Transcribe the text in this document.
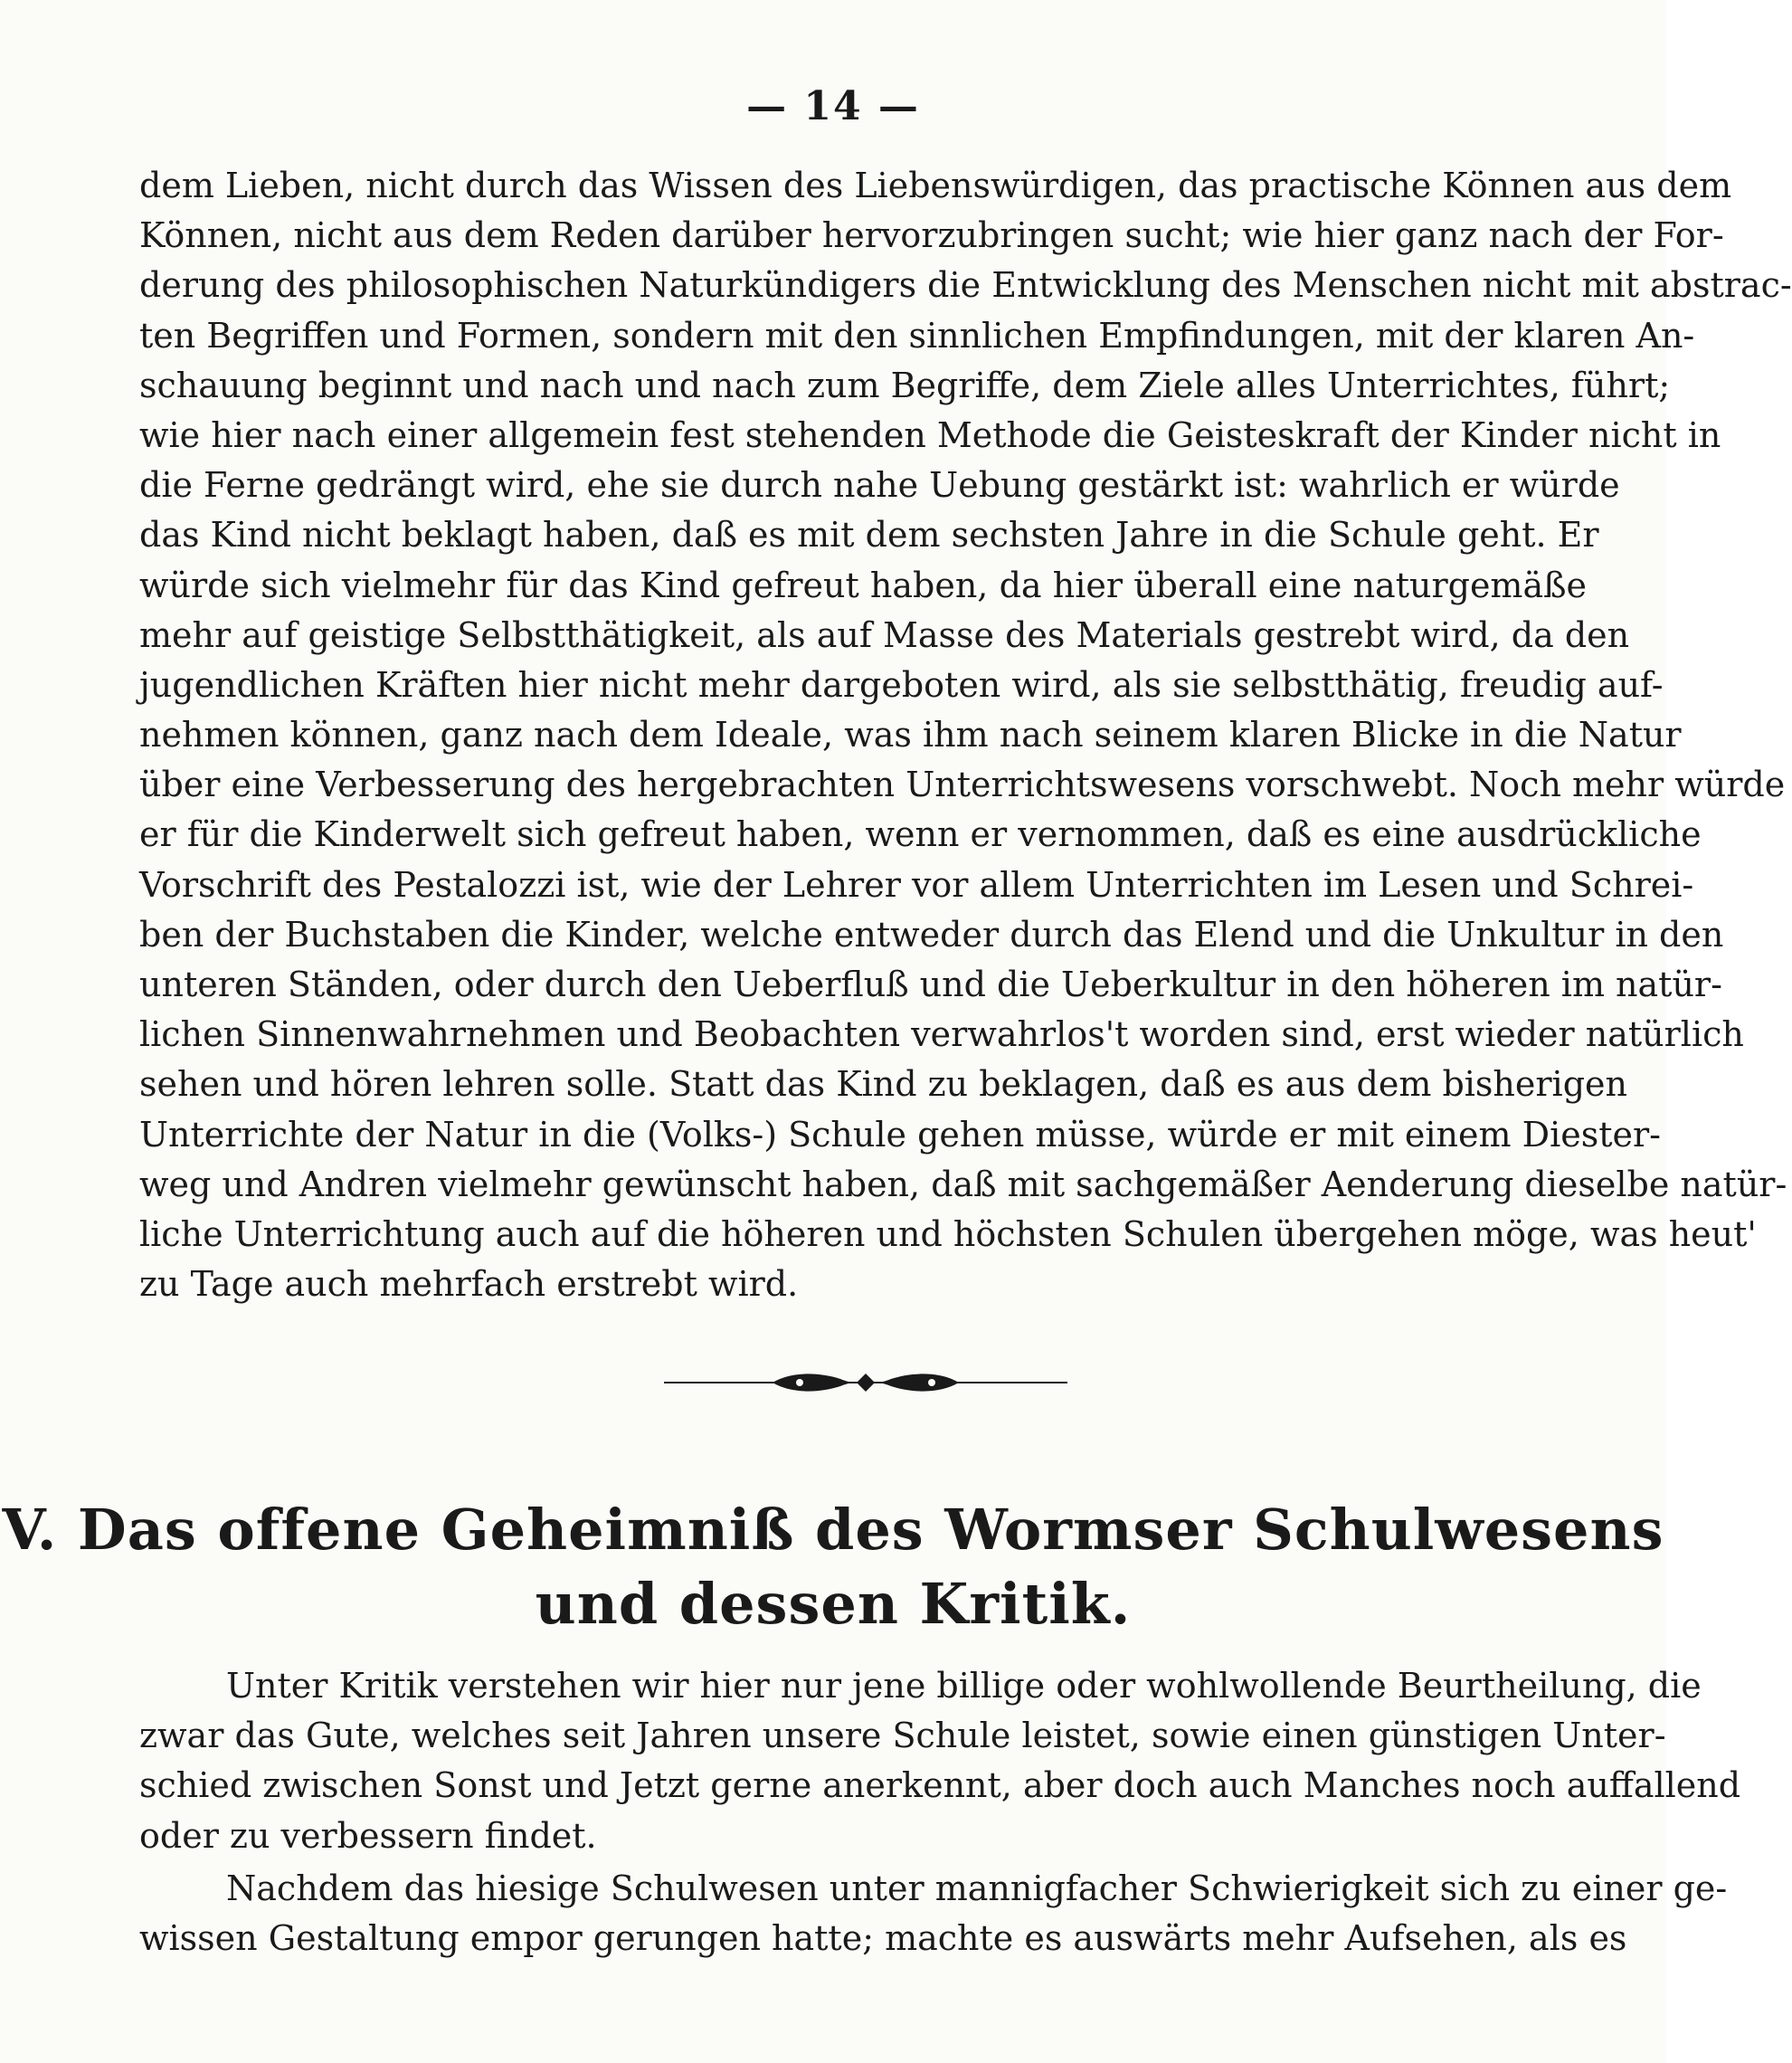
— 14 —
dem Lieben, nicht durch das Wissen des Liebenswürdigen, das practische Können aus dem
Können, nicht aus dem Reden darüber hervorzubringen sucht; wie hier ganz nach der For-
derung des philosophischen Naturkündigers die Entwicklung des Menschen nicht mit abstrac-
ten Begriffen und Formen, sondern mit den sinnlichen Empfindungen, mit der klaren An-
schauung beginnt und nach und nach zum Begriffe, dem Ziele alles Unterrichtes, führt;
wie hier nach einer allgemein fest stehenden Methode die Geisteskraft der Kinder nicht in
die Ferne gedrängt wird, ehe sie durch nahe Uebung gestärkt ist: wahrlich er würde
das Kind nicht beklagt haben, daß es mit dem sechsten Jahre in die Schule geht. Er
würde sich vielmehr für das Kind gefreut haben, da hier überall eine naturgemäße
mehr auf geistige Selbstthätigkeit, als auf Masse des Materials gestrebt wird, da den
jugendlichen Kräften hier nicht mehr dargeboten wird, als sie selbstthätig, freudig auf-
nehmen können, ganz nach dem Ideale, was ihm nach seinem klaren Blicke in die Natur
über eine Verbesserung des hergebrachten Unterrichtswesens vorschwebt. Noch mehr würde
er für die Kinderwelt sich gefreut haben, wenn er vernommen, daß es eine ausdrückliche
Vorschrift des Pestalozzi ist, wie der Lehrer vor allem Unterrichten im Lesen und Schrei-
ben der Buchstaben die Kinder, welche entweder durch das Elend und die Unkultur in den
unteren Ständen, oder durch den Ueberfluß und die Ueberkultur in den höheren im natür-
lichen Sinnenwahrnehmen und Beobachten verwahrlos't worden sind, erst wieder natürlich
sehen und hören lehren solle. Statt das Kind zu beklagen, daß es aus dem bisherigen
Unterrichte der Natur in die (Volks-) Schule gehen müsse, würde er mit einem Diester-
weg und Andren vielmehr gewünscht haben, daß mit sachgemäßer Aenderung dieselbe natür-
liche Unterrichtung auch auf die höheren und höchsten Schulen übergehen möge, was heut'
zu Tage auch mehrfach erstrebt wird.
V. Das offene Geheimniß des Wormser Schulwesens
und dessen Kritik.
Unter Kritik verstehen wir hier nur jene billige oder wohlwollende Beurtheilung, die
zwar das Gute, welches seit Jahren unsere Schule leistet, sowie einen günstigen Unter-
schied zwischen Sonst und Jetzt gerne anerkennt, aber doch auch Manches noch auffallend
oder zu verbessern findet.
Nachdem das hiesige Schulwesen unter mannigfacher Schwierigkeit sich zu einer ge-
wissen Gestaltung empor gerungen hatte; machte es auswärts mehr Aufsehen, als es
